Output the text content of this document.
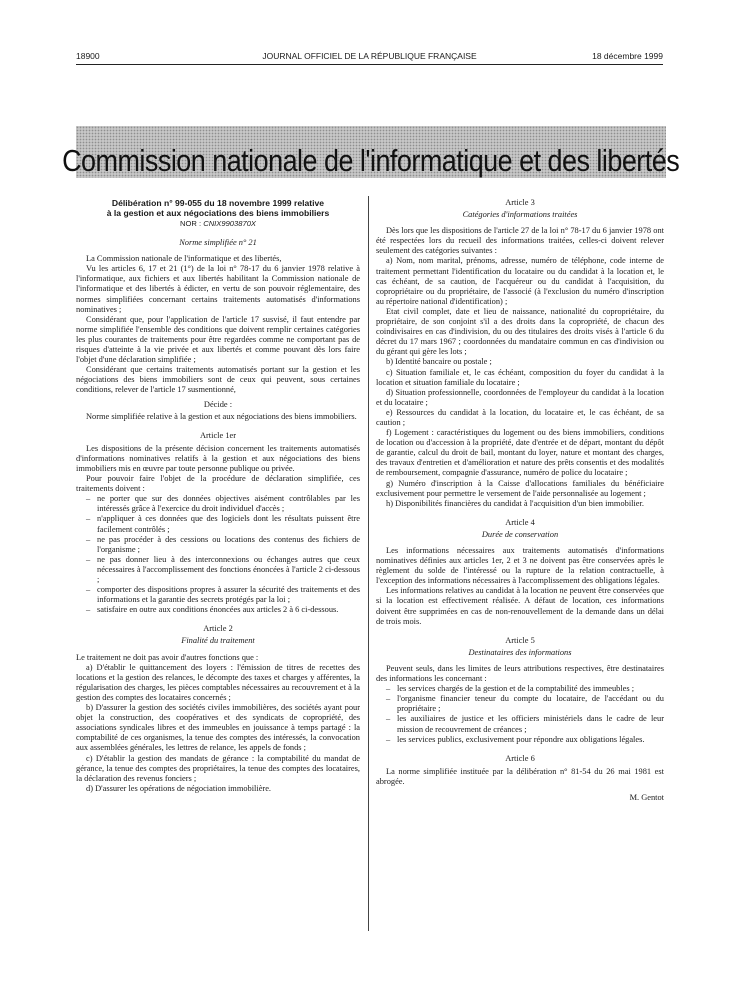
18900	JOURNAL OFFICIEL DE LA RÉPUBLIQUE FRANÇAISE	18 décembre 1999
Commission nationale de l'informatique et des libertés
Délibération n° 99-055 du 18 novembre 1999 relative
à la gestion et aux négociations des biens immobiliers
NOR : CNIX9903870X
Norme simplifiée n° 21

La Commission nationale de l'informatique et des libertés,

Vu les articles 6, 17 et 21 (1°) de la loi n° 78-17 du 6 janvier 1978 relative à l'informatique, aux fichiers et aux libertés habilitant la Commission nationale de l'informatique et des libertés à édicter, en vertu de son pouvoir réglementaire, des normes simplifiées concernant certains traitements automatisés d'informations nominatives ;

Considérant que, pour l'application de l'article 17 susvisé, il faut entendre par norme simplifiée l'ensemble des conditions que doivent remplir certaines catégories les plus courantes de traitements pour être regardées comme ne comportant pas de risques d'atteinte à la vie privée et aux libertés et comme pouvant dès lors faire l'objet d'une déclaration simplifiée ;

Considérant que certains traitements automatisés portant sur la gestion et les négociations des biens immobiliers sont de ceux qui peuvent, sous certaines conditions, relever de l'article 17 susmentionné,

Décide :

Norme simplifiée relative à la gestion et aux négociations des biens immobiliers.

Article 1er

Les dispositions de la présente décision concernent les traitements automatisés d'informations nominatives relatifs à la gestion et aux négociations des biens immobiliers mis en œuvre par toute personne publique ou privée.

Pour pouvoir faire l'objet de la procédure de déclaration simplifiée, ces traitements doivent :

– ne porter que sur des données objectives aisément contrôlables par les intéressés grâce à l'exercice du droit individuel d'accès ;
– n'appliquer à ces données que des logiciels dont les résultats puissent être facilement contrôlés ;
– ne pas procéder à des cessions ou locations des contenus des fichiers de l'organisme ;
– ne pas donner lieu à des interconnexions ou échanges autres que ceux nécessaires à l'accomplissement des fonctions énoncées à l'article 2 ci-dessous ;
– comporter des dispositions propres à assurer la sécurité des traitements et des informations et la garantie des secrets protégés par la loi ;
– satisfaire en outre aux conditions énoncées aux articles 2 à 6 ci-dessous.
Article 2
Finalité du traitement

Le traitement ne doit pas avoir d'autres fonctions que :

a) D'établir le quittancement des loyers : l'émission de titres de recettes des locations et la gestion des relances, le décompte des taxes et charges y afférentes, la régularisation des charges, les pièces comptables nécessaires au recouvrement et à la gestion des comptes des locataires concernés ;

b) D'assurer la gestion des sociétés civiles immobilières, des sociétés ayant pour objet la construction, des coopératives et des syndicats de copropriété, des associations syndicales libres et des immeubles en jouissance à temps partagé : la comptabilité de ces organismes, la tenue des comptes des intéressés, la convocation aux assemblées générales, les lettres de relance, les appels de fonds ;

c) D'établir la gestion des mandats de gérance : la comptabilité du mandat de gérance, la tenue des comptes des propriétaires, la tenue des comptes des locataires, la déclaration des revenus fonciers ;

d) D'assurer les opérations de négociation immobilière.

Article 3
Catégories d'informations traitées

Dès lors que les dispositions de l'article 27 de la loi n° 78-17 du 6 janvier 1978 ont été respectées lors du recueil des informations traitées, celles-ci doivent relever seulement des catégories suivantes :

a) Nom, nom marital, prénoms, adresse, numéro de téléphone, code interne de traitement permettant l'identification du locataire ou du candidat à la location et, le cas échéant, de sa caution, de l'acquéreur ou du candidat à l'acquisition, du copropriétaire ou du propriétaire, de l'associé (à l'exclusion du numéro d'inscription au répertoire national d'identification) ;

Etat civil complet, date et lieu de naissance, nationalité du copropriétaire, du propriétaire, de son conjoint s'il a des droits dans la copropriété, de chacun des coindivisaires en cas d'indivision, du ou des titulaires des droits visés à l'article 6 du décret du 17 mars 1967 ; coordonnées du mandataire commun en cas d'indivision ou du gérant qui gère les lots ;

b) Identité bancaire ou postale ;

c) Situation familiale et, le cas échéant, composition du foyer du candidat à la location et situation familiale du locataire ;

d) Situation professionnelle, coordonnées de l'employeur du candidat à la location et du locataire ;

e) Ressources du candidat à la location, du locataire et, le cas échéant, de sa caution ;

f) Logement : caractéristiques du logement ou des biens immobiliers, conditions de location ou d'accession à la propriété, date d'entrée et de départ, montant du dépôt de garantie, calcul du droit de bail, montant du loyer, nature et montant des charges, des travaux d'entretien et d'amélioration et nature des prêts consentis et des modalités de remboursement, compagnie d'assurance, numéro de police du locataire ;

g) Numéro d'inscription à la Caisse d'allocations familiales du bénéficiaire exclusivement pour permettre le versement de l'aide personnalisée au logement ;

h) Disponibilités financières du candidat à l'acquisition d'un bien immobilier.

Article 4
Durée de conservation

Les informations nécessaires aux traitements automatisés d'informations nominatives définies aux articles 1er, 2 et 3 ne doivent pas être conservées après le règlement du solde de l'intéressé ou la rupture de la relation contractuelle, à l'exception des informations nécessaires à l'accomplissement des obligations légales.

Les informations relatives au candidat à la location ne peuvent être conservées que si la location est effectivement réalisée. A défaut de location, ces informations doivent être supprimées en cas de non-renouvellement de la demande dans un délai de trois mois.

Article 5
Destinataires des informations

Peuvent seuls, dans les limites de leurs attributions respectives, être destinataires des informations les concernant :

– les services chargés de la gestion et de la comptabilité des immeubles ;
– l'organisme financier teneur du compte du locataire, de l'accédant ou du propriétaire ;
– les auxiliaires de justice et les officiers ministériels dans le cadre de leur mission de recouvrement de créances ;
– les services publics, exclusivement pour répondre aux obligations légales.
Article 6

La norme simplifiée instituée par la délibération n° 81-54 du 26 mai 1981 est abrogée.

M. Gentot
